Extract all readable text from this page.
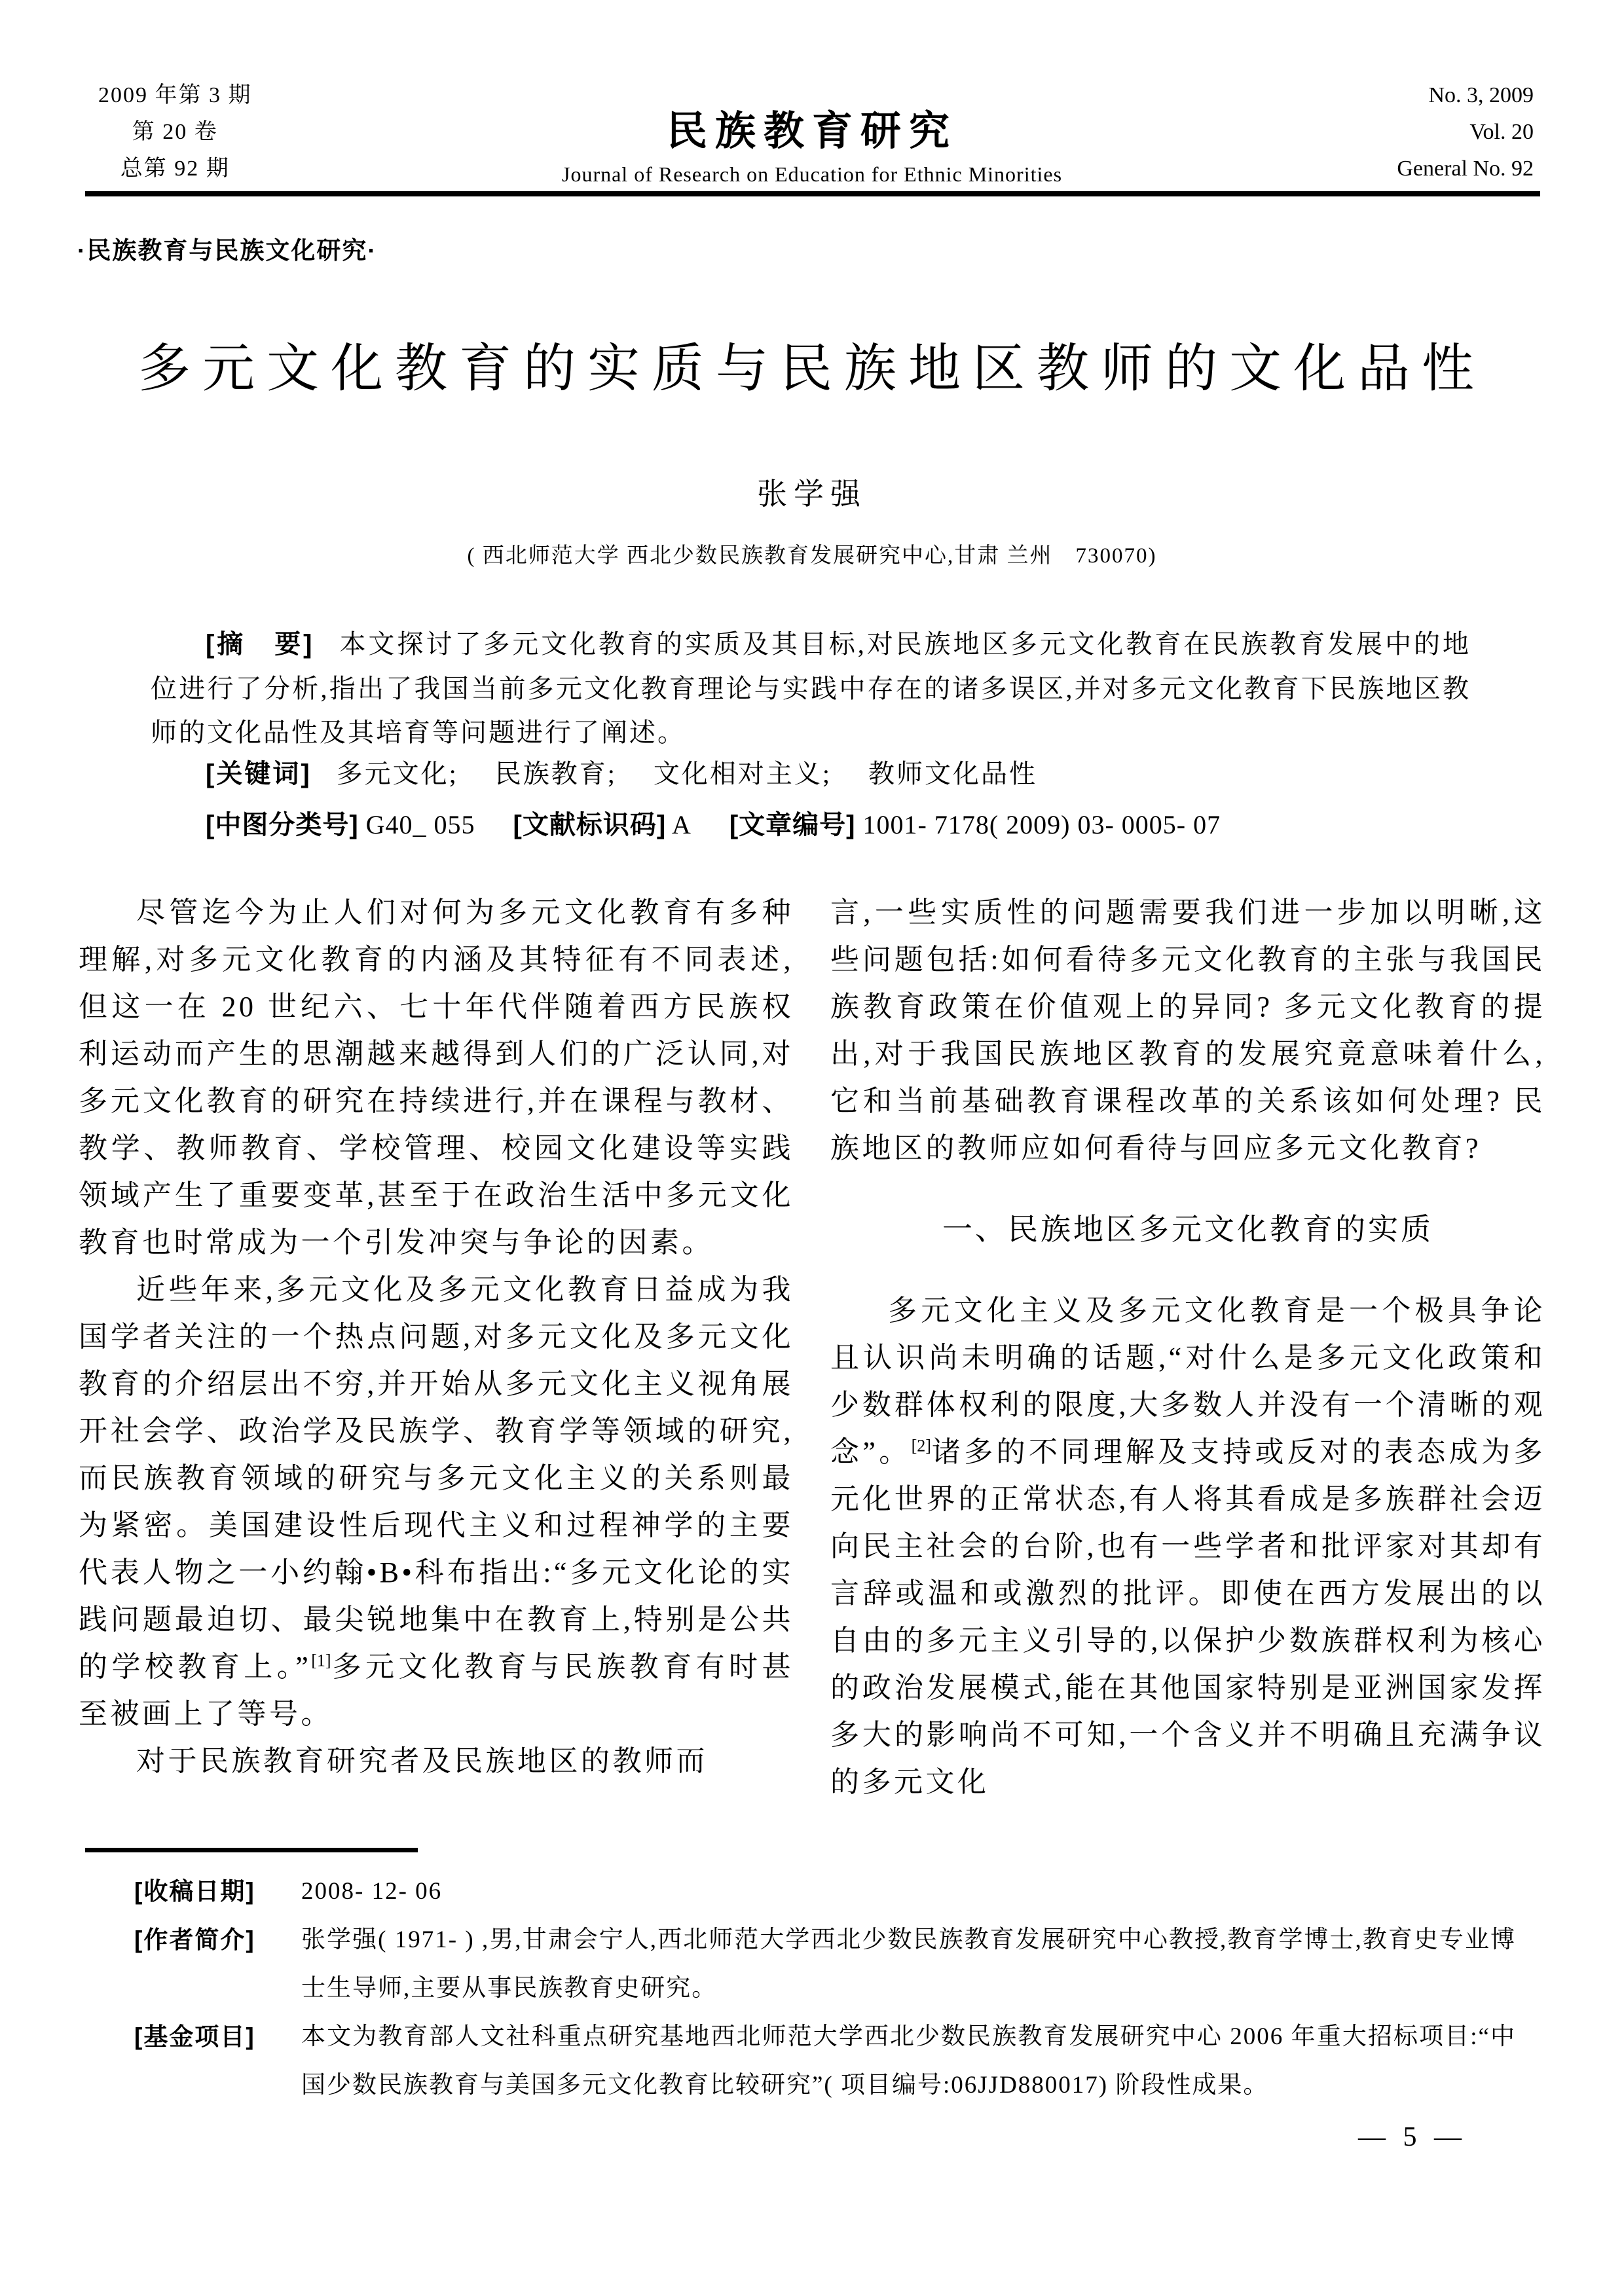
2009 年第 3 期
第 20 卷
总第 92 期
民族教育研究
Journal of Research on Education for Ethnic Minorities
No. 3, 2009
Vol. 20
General No. 92
·民族教育与民族文化研究·
多元文化教育的实质与民族地区教师的文化品性
张学强
( 西北师范大学 西北少数民族教育发展研究中心,甘肃 兰州　730070)
[摘　要] 本文探讨了多元文化教育的实质及其目标,对民族地区多元文化教育在民族教育发展中的地位进行了分析,指出了我国当前多元文化教育理论与实践中存在的诸多误区,并对多元文化教育下民族地区教师的文化品性及其培育等问题进行了阐述。
[关键词] 多元文化;　 民族教育;　 文化相对主义;　 教师文化品性
[中图分类号] G40_ 055 [文献标识码] A [文章编号] 1001- 7178( 2009) 03- 0005- 07

尽管迄今为止人们对何为多元文化教育有多种理解,对多元文化教育的内涵及其特征有不同表述,但这一在 20 世纪六、七十年代伴随着西方民族权利运动而产生的思潮越来越得到人们的广泛认同,对多元文化教育的研究在持续进行,并在课程与教材、教学、教师教育、学校管理、校园文化建设等实践领域产生了重要变革,甚至于在政治生活中多元文化教育也时常成为一个引发冲突与争论的因素。

近些年来,多元文化及多元文化教育日益成为我国学者关注的一个热点问题,对多元文化及多元文化教育的介绍层出不穷,并开始从多元文化主义视角展开社会学、政治学及民族学、教育学等领域的研究,而民族教育领域的研究与多元文化主义的关系则最为紧密。美国建设性后现代主义和过程神学的主要代表人物之一小约翰•B•科布指出:“多元文化论的实践问题最迫切、最尖锐地集中在教育上,特别是公共的学校教育上。”[1]多元文化教育与民族教育有时甚至被画上了等号。

对于民族教育研究者及民族地区的教师而

言,一些实质性的问题需要我们进一步加以明晰,这些问题包括:如何看待多元文化教育的主张与我国民族教育政策在价值观上的异同? 多元文化教育的提出,对于我国民族地区教育的发展究竟意味着什么,它和当前基础教育课程改革的关系该如何处理? 民族地区的教师应如何看待与回应多元文化教育?

一、民族地区多元文化教育的实质

多元文化主义及多元文化教育是一个极具争论且认识尚未明确的话题,“对什么是多元文化政策和少数群体权利的限度,大多数人并没有一个清晰的观念”。[2]诸多的不同理解及支持或反对的表态成为多元化世界的正常状态,有人将其看成是多族群社会迈向民主社会的台阶,也有一些学者和批评家对其却有言辞或温和或激烈的批评。即使在西方发展出的以自由的多元主义引导的,以保护少数族群权利为核心的政治发展模式,能在其他国家特别是亚洲国家发挥多大的影响尚不可知,一个含义并不明确且充满争议的多元文化

[收稿日期]	2008- 12- 06
[作者简介]	张学强( 1971- ) ,男,甘肃会宁人,西北师范大学西北少数民族教育发展研究中心教授,教育学博士,教育史专业博士生导师,主要从事民族教育史研究。
[基金项目]	本文为教育部人文社科重点研究基地西北师范大学西北少数民族教育发展研究中心 2006 年重大招标项目:“中国少数民族教育与美国多元文化教育比较研究”( 项目编号:06JJD880017) 阶段性成果。
— 5 —
